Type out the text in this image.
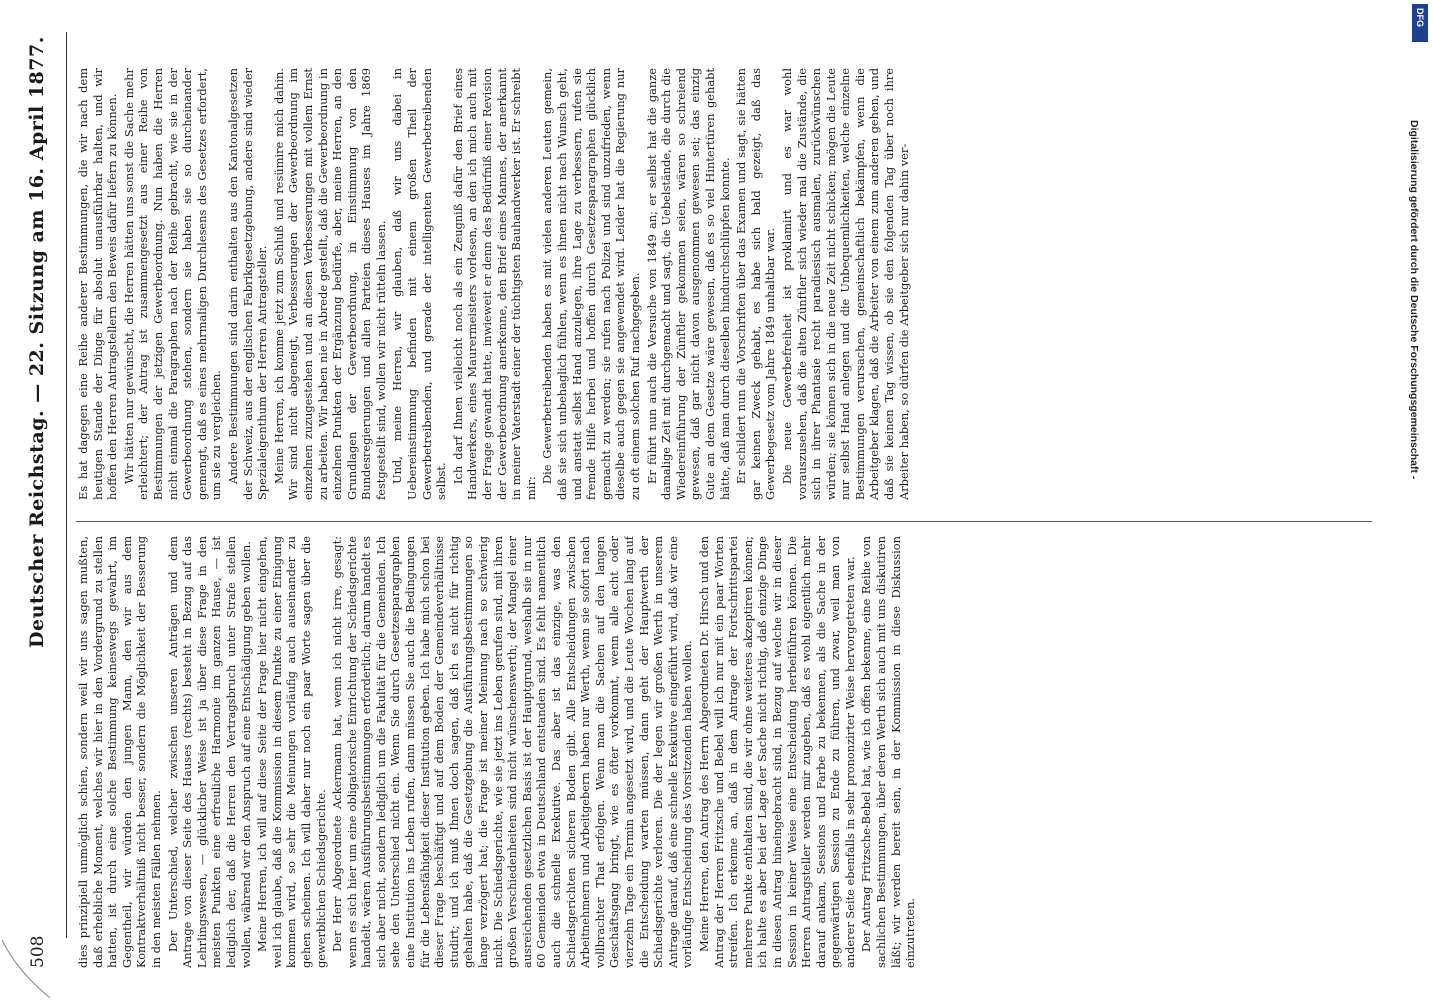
508
Deutscher Reichstag. — 22. Sitzung am 16. April 1877.

dies prinzipiell unmöglich schien, sondern weil wir uns sagen mußten, daß erhebliche Moment, welches wir hier in den Vordergrund zu stellen hatten, ist durch eine solche Bestimmung keineswegs gewahrt, im Gegentheil, wir würden den jungen Mann, den wir aus dem Kontraktverhältniß nicht besser, sondern die Möglichkeit der Besserung in den meisten Fällen nehmen. Der Unterschied, welcher zwischen unseren Anträgen und dem Antrage von dieser Seite des Hauses (rechts) besteht in Bezug auf das Lehrlingswesen, — glücklicher Weise ist ja über diese Frage in den meisten Punkten eine erfreuliche Harmonie im ganzen Hause, — ist lediglich der, daß die Herren den Vertragsbruch unter Strafe stellen wollen, während wir den Anspruch auf eine Entschädigung geben wollen. Meine Herren, ich will auf diese Seite der Frage hier nicht eingehen, weil ich glaube, daß die Kommission in diesem Punkte zu einer Einigung kommen wird, so sehr die Meinungen vorläufig auch auseinander zu gehen scheinen. Ich will daher nur noch ein paar Worte sagen über die gewerblichen Schiedsgerichte. Der Herr Abgeordnete Ackermann hat, wenn ich nicht irre, gesagt: wenn es sich hier um eine obligatorische Einrichtung der Schiedsgerichte handelt, wären Ausführungsbestimmungen erforderlich; darum handelt es sich aber nicht, sondern lediglich um die Fakultät für die Gemeinden. Ich sehe den Unterschied nicht ein. Wenn Sie durch Gesetzesparagraphen eine Institution ins Leben rufen, dann müssen Sie auch die Bedingungen für die Lebensfähigkeit dieser Institution geben. Ich habe mich schon bei dieser Frage beschäftigt und auf dem Boden der Gemeindeverhältnisse studirt; und ich muß Ihnen doch sagen, daß ich es nicht für richtig gehalten habe, daß die Gesetzgebung die Ausführungsbestimmungen so lange verzögert hat; die Frage ist meiner Meinung nach so schwierig nicht. Die Schiedsgerichte, wie sie jetzt ins Leben gerufen sind, mit ihren großen Verschiedenheiten sind nicht wünschenswerth; der Mangel einer ausreichenden gesetzlichen Basis ist der Hauptgrund, weshalb sie in nur 60 Gemeinden etwa in Deutschland entstanden sind. Es fehlt namentlich auch die schnelle Exekutive. Das aber ist das einzige, was den Schiedsgerichten sicheren Boden gibt. Alle Entscheidungen zwischen Arbeitnehmern und Arbeitgebern haben nur Werth, wenn sie sofort nach vollbrachter That erfolgen. Wenn man die Sachen auf den langen Geschäftsgang bringt, wie es öfter vorkommt, wenn alle acht oder vierzehn Tage ein Termin angesetzt wird, und die Leute Wochen lang auf die Entscheidung warten müssen, dann geht der Hauptwerth der Schiedsgerichte verloren. Die der legen wir großen Werth in unserem Antrage darauf, daß eine schnelle Exekutive eingeführt wird, daß wir eine vorläufige Entscheidung des Vorsitzenden haben wollen. Meine Herren, den Antrag des Herrn Abgeordneten Dr. Hirsch und den Antrag der Herren Fritzsche und Bebel will ich nur mit ein paar Worten streifen. Ich erkenne an, daß in dem Antrage der Fortschrittspartei mehrere Punkte enthalten sind, die wir ohne weiteres akzeptiren können; ich halte es aber bei der Lage der Sache nicht richtig, daß einzige Dinge in diesen Antrag hineingebracht sind, in Bezug auf welche wir in dieser Session in keiner Weise eine Entscheidung herbeiführen können. Die Herren Antragsteller werden mir zugeben, daß es wohl eigentlich mehr darauf ankam, Sessions und Farbe zu bekennen, als die Sache in der gegenwärtigen Session zu Ende zu führen, und zwar, weil man von anderer Seite ebenfalls in sehr prononzirter Weise hervorgetreten war. Der Antrag Fritzsche-Bebel hat, wie ich offen bekenne, eine Reihe von sachlichen Bestimmungen, über deren Werth sich auch mit uns diskutiren läßt; wir werden bereit sein, in der Kommission in diese Diskussion einzutreten.

Es hat dagegen eine Reihe anderer Bestimmungen, die wir nach dem heutigen Stande der Dinge für absolut unausführbar halten, und wir hoffen den Herren Antragstellern den Beweis dafür liefern zu können. Wir hätten nur gewünscht, die Herren hätten uns sonst die Sache mehr erleichtert; der Antrag ist zusammengesetzt aus einer Reihe von Bestimmungen der jetzigen Gewerbeordnung. Nun haben die Herren nicht einmal die Paragraphen nach der Reihe gebracht, wie sie in der Gewerbeordnung stehen, sondern sie haben sie so durcheinander gemengt, daß es eines mehrmaligen Durchlesens des Gesetzes erfordert, um sie zu vergleichen. Andere Bestimmungen sind darin enthalten aus den Kantonalgesetzen der Schweiz, aus der englischen Fabrikgesetzgebung, andere sind wieder Spezialeigenthum der Herren Antragsteller. Meine Herren, ich komme jetzt zum Schluß und resümire mich dahin. Wir sind nicht abgeneigt, Verbesserungen der Gewerbeordnung im einzelnen zuzugestehen und an diesen Verbesserungen mit vollem Ernst zu arbeiten. Wir haben nie in Abrede gestellt, daß die Gewerbeordnung in einzelnen Punkten der Ergänzung bedürfe, aber, meine Herren, an den Grundlagen der Gewerbeordnung, in Einstimmung von den Bundesregierungen und allen Parteien dieses Hauses im Jahre 1869 festgestellt sind, wollen wir nicht rütteln lassen. Und, meine Herren, wir glauben, daß wir uns dabei in Uebereinstimmung befinden mit einem großen Theil der Gewerbetreibenden, und gerade der intelligenten Gewerbetreibenden selbst. Ich darf Ihnen vielleicht noch als ein Zeugniß dafür den Brief eines Handwerkers, eines Maurermeisters vorlesen, an den ich mich auch mit der Frage gewandt hatte, inwieweit er denn des Bedürfniß einer Revision der Gewerbeordnung anerkenne, den Brief eines Mannes, der anerkannt in meiner Vaterstadt einer der tüchtigsten Bauhandwerker ist. Er schreibt mir:

Die Gewerbetreibenden haben es mit vielen anderen Leuten gemein, daß sie sich unbehaglich fühlen, wenn es ihnen nicht nach Wunsch geht, und anstatt selbst Hand anzulegen, ihre Lage zu verbessern, rufen sie fremde Hilfe herbei und hoffen durch Gesetzesparagraphen glücklich gemacht zu werden; sie rufen nach Polizei und sind unzufrieden, wenn dieselbe auch gegen sie angewendet wird. Leider hat die Regierung nur zu oft einem solchen Ruf nachgegeben. Er führt nun auch die Versuche von 1849 an; er selbst hat die ganze damalige Zeit mit durchgemacht und sagt, die Uebelstände, die durch die Wiedereinführung der Zünftler gekommen seien, wären so schreiend gewesen, daß gar nicht davon ausgenommen gewesen sei; das einzig Gute an dem Gesetze wäre gewesen, daß es so viel Hintertüren gehabt hätte, daß man durch dieselben hindurchschlüpfen konnte. Er schildert nun die Vorschriften über das Examen und sagt, sie hätten gar keinen Zweck gehabt, es habe sich bald gezeigt, daß das Gewerbegesetz vom Jahre 1849 unhaltbar war. Die neue Gewerbefreiheit ist proklamirt und es war wohl vorauszusehen, daß die alten Zünftler sich wieder mal die Zustände, die sich in ihrer Phantasie recht paradiesisch ausmalen, zurückwünschen würden; sie können sich in die neue Zeit nicht schicken; mögen die Leute nur selbst Hand anlegen und die Unbequemlichkeiten, welche einzelne Bestimmungen verursachen, gemeinschaftlich bekämpfen, wenn die Arbeitgeber klagen, daß die Arbeiter von einem zum anderen gehen, und daß sie keinen Tag wissen, ob sie den folgenden Tag über noch ihre Arbeiter haben, so dürfen die Arbeitgeber sich nur dahin ver-

DFG
Digitalisierung gefördert durch die Deutsche Forschungsgemeinschaft -
